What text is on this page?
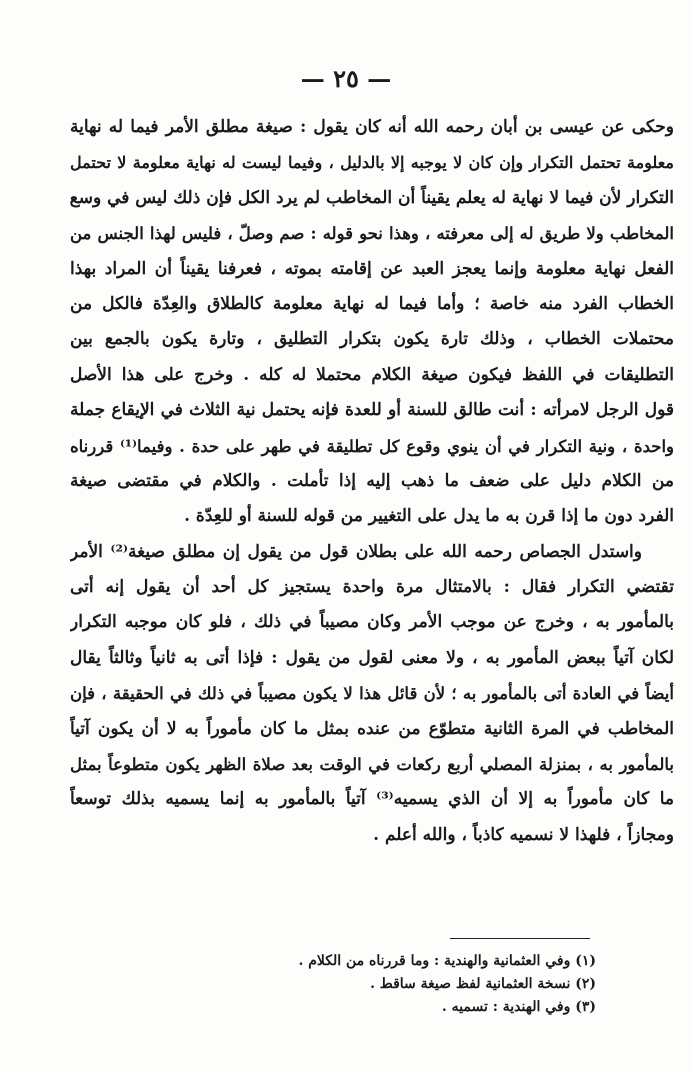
— ٢٥ —
وحكى عن عيسى بن أبان رحمه الله أنه كان يقول : صيغة مطلق الأمر فيما له نهاية
معلومة تحتمل التكرار وإن كان لا يوجبه إلا بالدليل ، وفيما ليست له نهاية معلومة لا تحتمل
التكرار لأن فيما لا نهاية له يعلم يقيناً أن المخاطب لم يرد الكل فإن ذلك ليس في وسع
المخاطب ولا طريق له إلى معرفته ، وهذا نحو قوله : صم وصلّ ، فليس لهذا الجنس من
الفعل نهاية معلومة وإنما يعجز العبد عن إقامته بموته ، فعرفنا يقيناً أن المراد بهذا
الخطاب الفرد منه خاصة ؛ وأما فيما له نهاية معلومة كالطلاق والعِدّة فالكل من
محتملات الخطاب ، وذلك تارة يكون بتكرار التطليق ، وتارة يكون بالجمع بين
التطليقات في اللفظ فيكون صيغة الكلام محتملا له كله . وخرج على هذا الأصل
قول الرجل لامرأته : أنت طالق للسنة أو للعدة فإنه يحتمل نية الثلاث في الإيقاع جملة
واحدة ، ونية التكرار في أن ينوي وقوع كل تطليقة في طهر على حدة . وفيما⁽¹⁾ قررناه
من الكلام دليل على ضعف ما ذهب إليه إذا تأملت . والكلام في مقتضى صيغة
الفرد دون ما إذا قرن به ما يدل على التغيير من قوله للسنة أو للعِدّة .
واستدل الجصاص رحمه الله على بطلان قول من يقول إن مطلق صيغة⁽²⁾ الأمر
تقتضي التكرار فقال : بالامتثال مرة واحدة يستجيز كل أحد أن يقول إنه أتى
بالمأمور به ، وخرج عن موجب الأمر وكان مصيباً في ذلك ، فلو كان موجبه التكرار
لكان آتياً ببعض المأمور به ، ولا معنى لقول من يقول : فإذا أتى به ثانياً وثالثاً يقال
أيضاً في العادة أتى بالمأمور به ؛ لأن قائل هذا لا يكون مصيباً في ذلك في الحقيقة ، فإن
المخاطب في المرة الثانية متطوّع من عنده بمثل ما كان مأموراً به لا أن يكون آتياً
بالمأمور به ، بمنزلة المصلي أربع ركعات في الوقت بعد صلاة الظهر يكون متطوعاً بمثل
ما كان مأموراً به إلا أن الذي يسميه⁽³⁾ آتياً بالمأمور به إنما يسميه بذلك توسعاً
ومجازاً ، فلهذا لا نسميه كاذباً ، والله أعلم .
(١) وفي العثمانية والهندية : وما قررناه من الكلام .
(٢) نسخة العثمانية لفظ صيغة ساقط .
(٣) وفي الهندية : تسميه .
